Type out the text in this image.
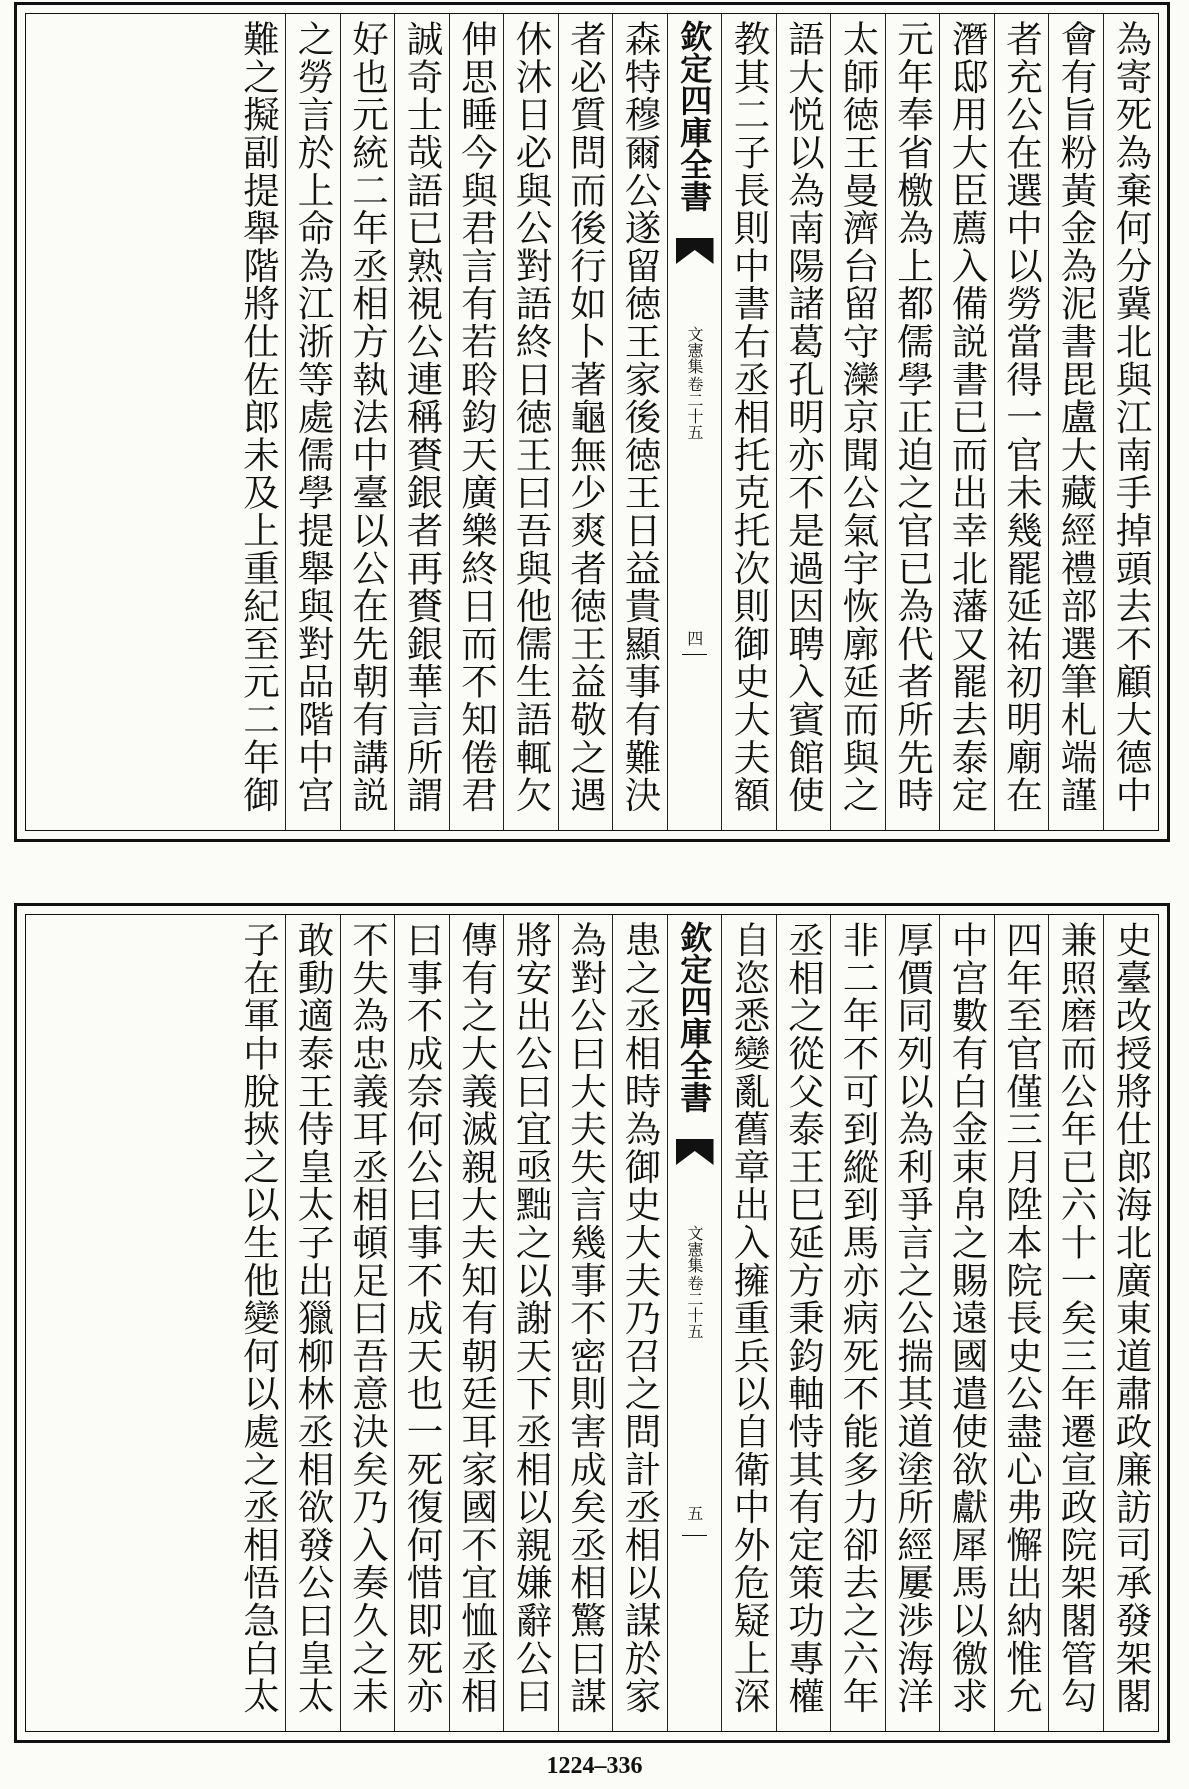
為寄死為棄何分冀北與江南手掉頭去不顧大德中
會有旨粉黃金為泥書毘盧大藏經禮部選筆札端謹
者充公在選中以勞當得一官未幾罷延祐初明廟在
潛邸用大臣薦入備説書已而出幸北藩又罷去泰定
元年奉省檄為上都儒學正迫之官已為代者所先時
太師徳王曼濟台留守灤京聞公氣宇恢廓延而與之
語大悦以為南陽諸葛孔明亦不是過因聘入賓館使
教其二子長則中書右丞相托克托次則御史大夫額
欽定四庫全書
文憲集
卷二十五
四
森特穆爾公遂留徳王家後徳王日益貴顯事有難決
者必質問而後行如卜著龜無少爽者徳王益敬之遇
休沐日必與公對語終日徳王曰吾與他儒生語輒欠
伸思睡今與君言有若聆鈞天廣樂終日而不知倦君
誠奇士哉語已熟視公連稱賚銀者再賚銀華言所謂
好也元統二年丞相方執法中臺以公在先朝有講説
之勞言於上命為江浙等處儒學提舉與對品階中宫
難之擬副提舉階將仕佐郎未及上重紀至元二年御
史臺改授將仕郎海北廣東道肅政廉訪司承發架閣
兼照磨而公年已六十一矣三年遷宣政院架閣管勾
四年至官僅三月陞本院長史公盡心弗懈出納惟允
中宫數有白金束帛之賜遠國遣使欲獻犀馬以徼求
厚價同列以為利爭言之公揣其道塗所經屢渉海洋
非二年不可到縱到馬亦病死不能多力卻去之六年
丞相之從父泰王巳延方秉鈞軸恃其有定策功專權
自恣悉變亂舊章出入擁重兵以自衛中外危疑上深
欽定四庫全書
文憲集
卷二十五
五
患之丞相時為御史大夫乃召之問計丞相以謀於家
為對公曰大夫失言幾事不密則害成矣丞相驚曰謀
將安出公曰宜亟黜之以謝天下丞相以親嫌辭公曰
傳有之大義滅親大夫知有朝廷耳家國不宜恤丞相
曰事不成奈何公曰事不成天也一死復何惜即死亦
不失為忠義耳丞相頓足曰吾意決矣乃入奏久之未
敢動適泰王侍皇太子出獵柳林丞相欲發公曰皇太
子在軍中脫挾之以生他變何以處之丞相悟急白太
1224–336
